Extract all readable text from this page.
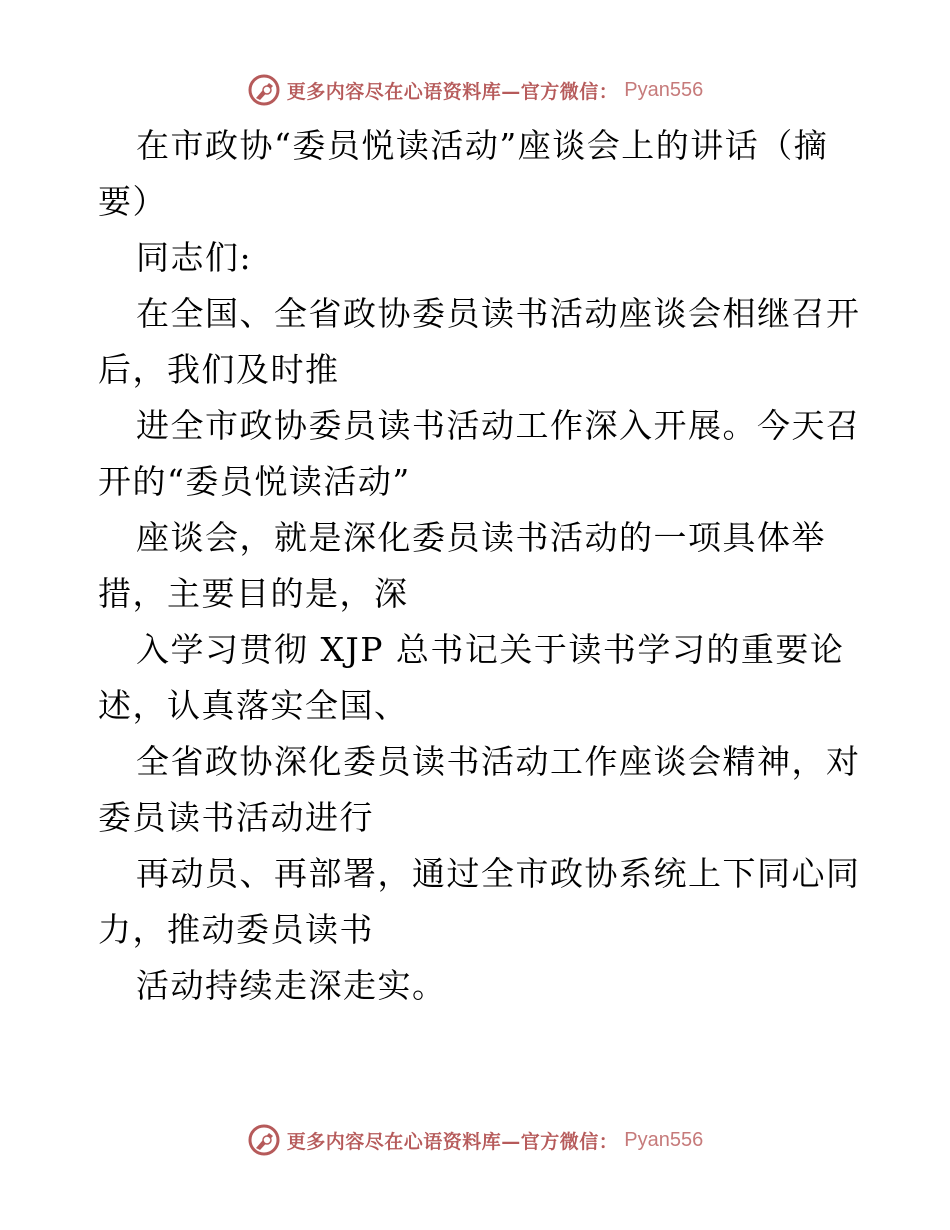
更多内容尽在心语资料库—官方微信： Pyan556
在市政协“委员悦读活动”座谈会上的讲话（摘
要）
同志们:
在全国、全省政协委员读书活动座谈会相继召开
后，我们及时推
进全市政协委员读书活动工作深入开展。今天召
开的“委员悦读活动”
座谈会，就是深化委员读书活动的一项具体举
措，主要目的是，深
入学习贯彻 XJP 总书记关于读书学习的重要论
述，认真落实全国、
全省政协深化委员读书活动工作座谈会精神，对
委员读书活动进行
再动员、再部署，通过全市政协系统上下同心同
力，推动委员读书
活动持续走深走实。
更多内容尽在心语资料库—官方微信： Pyan556
